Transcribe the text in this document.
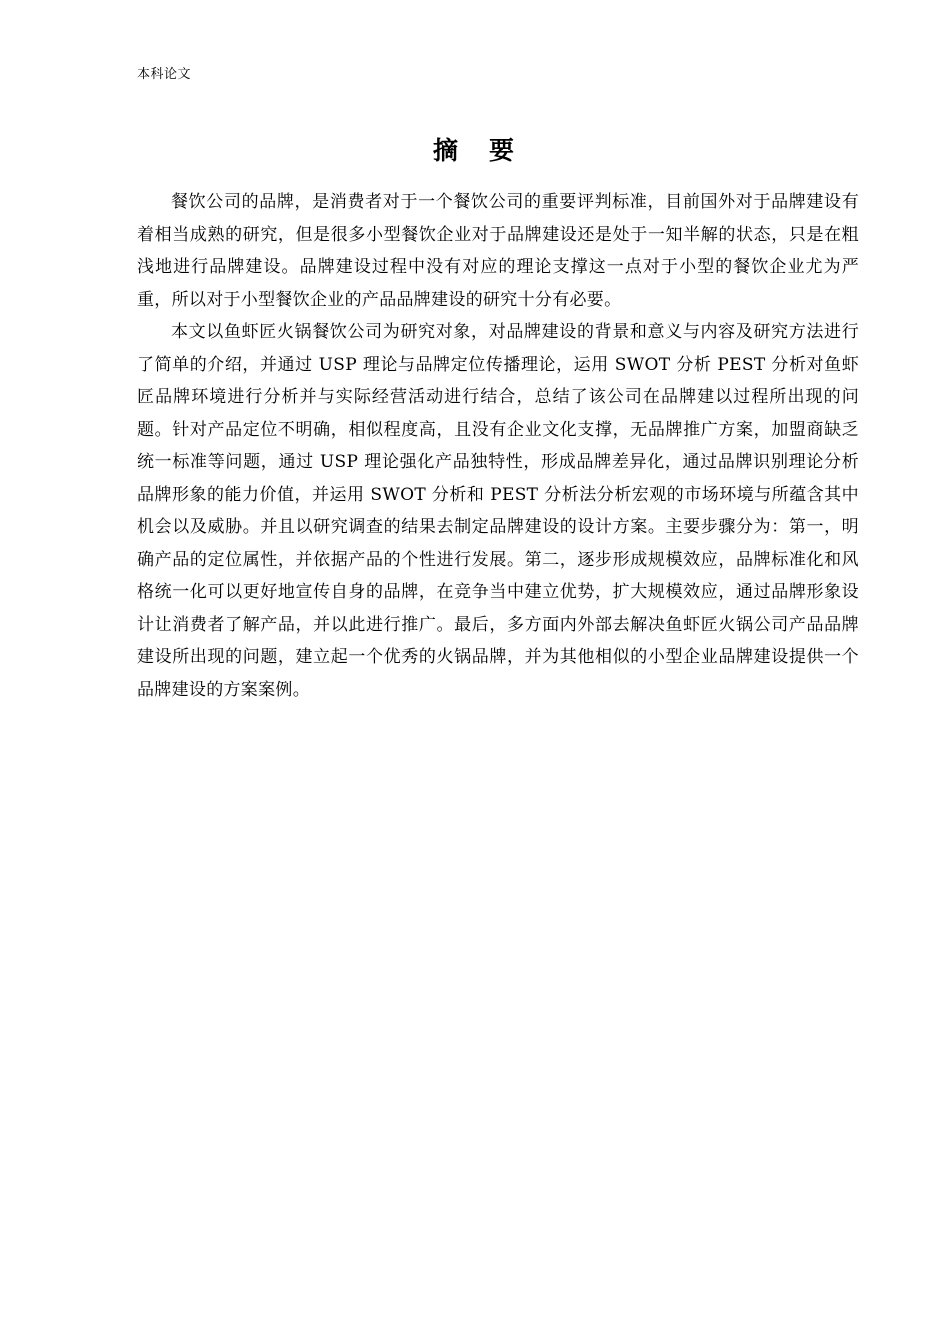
本科论文
摘　要

餐饮公司的品牌，是消费者对于一个餐饮公司的重要评判标准，目前国外对于品牌建设有着相当成熟的研究，但是很多小型餐饮企业对于品牌建设还是处于一知半解的状态，只是在粗浅地进行品牌建设。品牌建设过程中没有对应的理论支撑这一点对于小型的餐饮企业尤为严重，所以对于小型餐饮企业的产品品牌建设的研究十分有必要。

本文以鱼虾匠火锅餐饮公司为研究对象，对品牌建设的背景和意义与内容及研究方法进行了简单的介绍，并通过 USP 理论与品牌定位传播理论，运用 SWOT 分析 PEST 分析对鱼虾匠品牌环境进行分析并与实际经营活动进行结合，总结了该公司在品牌建以过程所出现的问题。针对产品定位不明确，相似程度高，且没有企业文化支撑，无品牌推广方案，加盟商缺乏统一标准等问题，通过 USP 理论强化产品独特性，形成品牌差异化，通过品牌识别理论分析品牌形象的能力价值，并运用 SWOT 分析和 PEST 分析法分析宏观的市场环境与所蕴含其中机会以及威胁。并且以研究调查的结果去制定品牌建设的设计方案。主要步骤分为：第一，明确产品的定位属性，并依据产品的个性进行发展。第二，逐步形成规模效应，品牌标准化和风格统一化可以更好地宣传自身的品牌，在竞争当中建立优势，扩大规模效应，通过品牌形象设计让消费者了解产品，并以此进行推广。最后，多方面内外部去解决鱼虾匠火锅公司产品品牌建设所出现的问题，建立起一个优秀的火锅品牌，并为其他相似的小型企业品牌建设提供一个品牌建设的方案案例。
